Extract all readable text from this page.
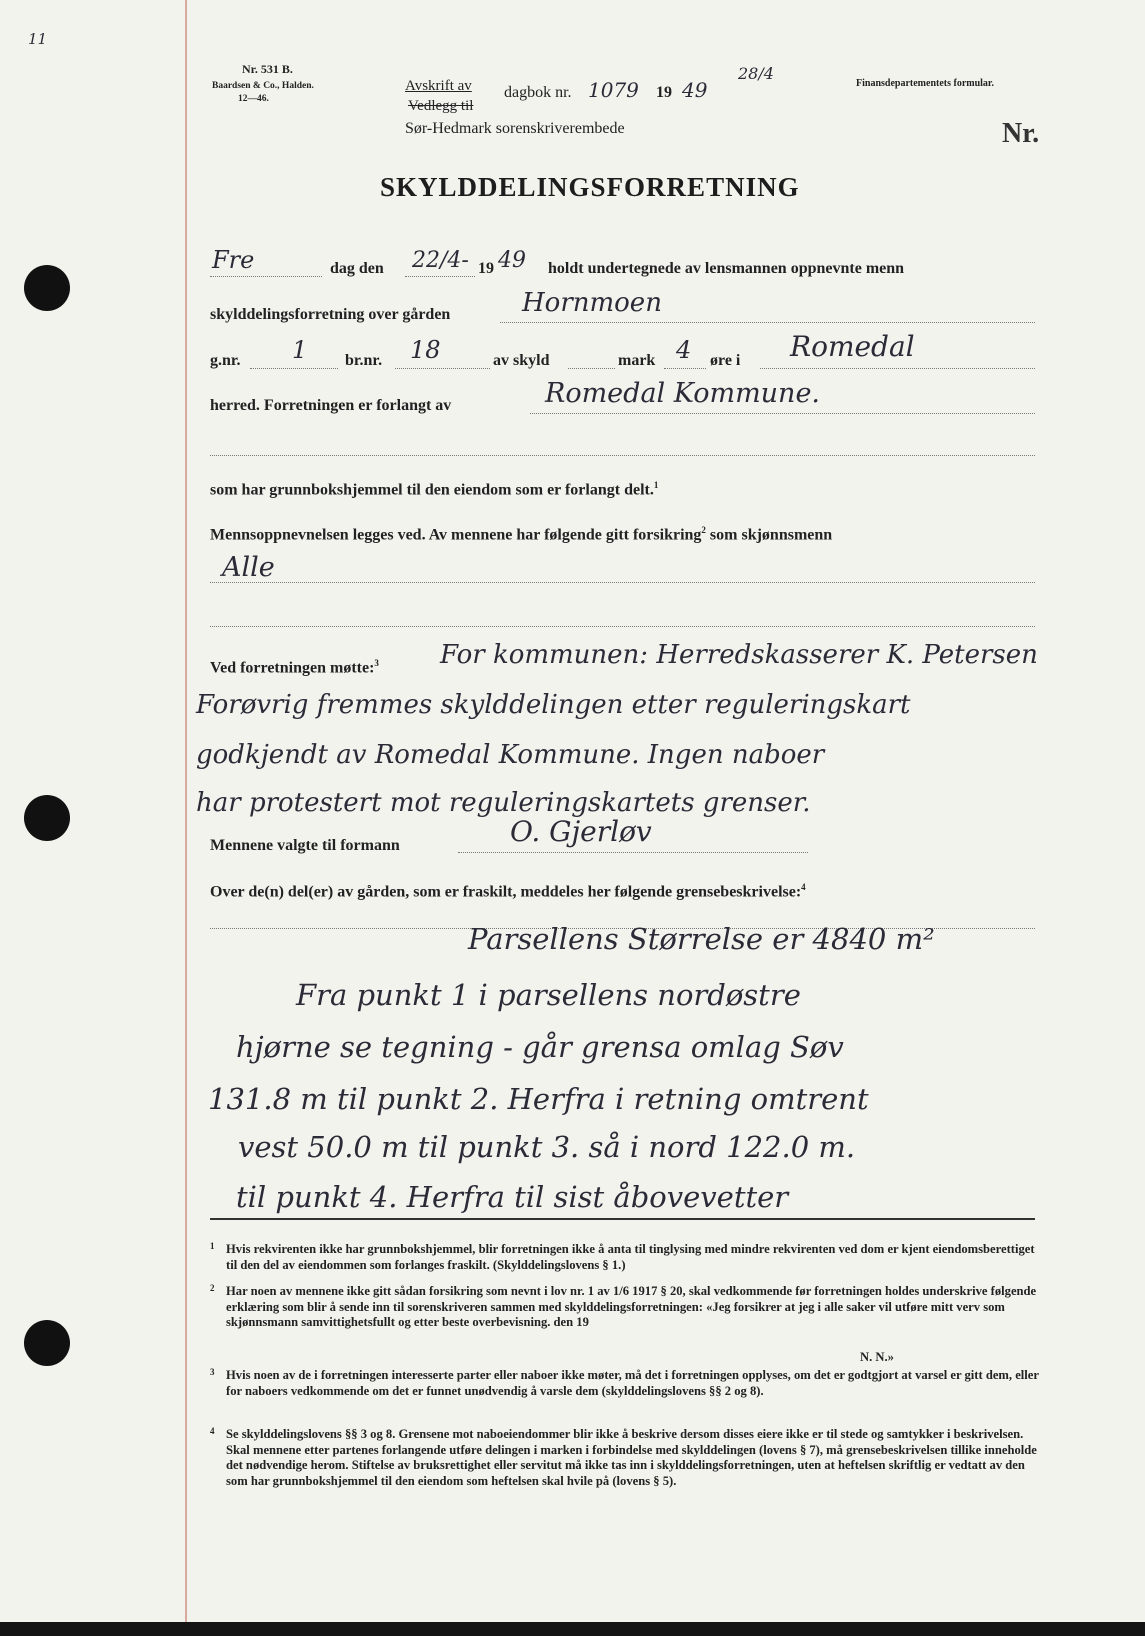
11
Nr. 531 B.
Baardsen & Co., Halden.
12—46.
Avskrift av
Vedlegg til
dagbok nr. 1079 19 49
28/4
Sør-Hedmark sorenskriverembede
Finansdepartementets formular.
Nr.
SKYLDDELINGSFORRETNING
Fre	dag den 22/4- 19 49 holdt undertegnede av lensmannen oppnevnte menn
skylddelingsforretning over gården	Hornmoen
g.nr. 1 br.nr. 18	av skyld	mark 4 øre i Romedal
herred. Forretningen er forlangt av	Romedal Kommune.
som har grunnbokshjemmel til den eiendom som er forlangt delt.$^1$
Mennsoppnevnelsen legges ved. Av mennene har følgende gitt forsikring$^2$ som skjønnsmenn
Alle
Ved forretningen møtte:$^3$ For kommunen: Herredskasserer K. Petersen
Forøvrig fremmes skylddelingen etter reguleringskart
godkjendt av Romedal Kommune. Ingen naboer
har protestert mot reguleringskartets grenser.
Mennene valgte til formann	O. Gjerløv
Over de(n) del(er) av gården, som er fraskilt, meddeles her følgende grensebeskrivelse:$^4$
Parsellens Størrelse er 4840 m²
Fra punkt 1 i parsellens nordøstre
hjørne se tegning - går grensa omlag Søv
131.8 m til punkt 2. Herfra i retning omtrent
vest 50.0 m til punkt 3. så i nord 122.0 m.
til punkt 4. Herfra til sist åbovevetter
1 Hvis rekvirenten ikke har grunnbokshjemmel, blir forretningen ikke å anta til tinglysing med mindre rekvirenten ved dom er kjent eiendomsberettiget til den del av eiendommen som forlanges fraskilt. (Skylddelingslovens § 1.)
2 Har noen av mennene ikke gitt sådan forsikring som nevnt i lov nr. 1 av 1/6 1917 § 20, skal vedkommende før forretningen holdes underskrive følgende erklæring som blir å sende inn til sorenskriveren sammen med skylddelingsforretningen: «Jeg forsikrer at jeg i alle saker vil utføre mitt verv som skjønnsmann samvittighetsfullt og etter beste overbevisning. den 19
N. N.»
3 Hvis noen av de i forretningen interesserte parter eller naboer ikke møter, må det i forretningen opplyses, om det er godtgjort at varsel er gitt dem, eller for naboers vedkommende om det er funnet unødvendig å varsle dem (skylddelingslovens §§ 2 og 8).
4 Se skylddelingslovens §§ 3 og 8. Grensene mot naboeiendommer blir ikke å beskrive dersom disses eiere ikke er til stede og samtykker i beskrivelsen. Skal mennene etter partenes forlangende utføre delingen i marken i forbindelse med skylddelingen (lovens § 7), må grensebeskrivelsen tillike inneholde det nødvendige herom. Stiftelse av bruksrettighet eller servitut må ikke tas inn i skylddelingsforretningen, uten at heftelsen skriftlig er vedtatt av den som har grunnbokshjemmel til den eiendom som heftelsen skal hvile på (lovens § 5).
